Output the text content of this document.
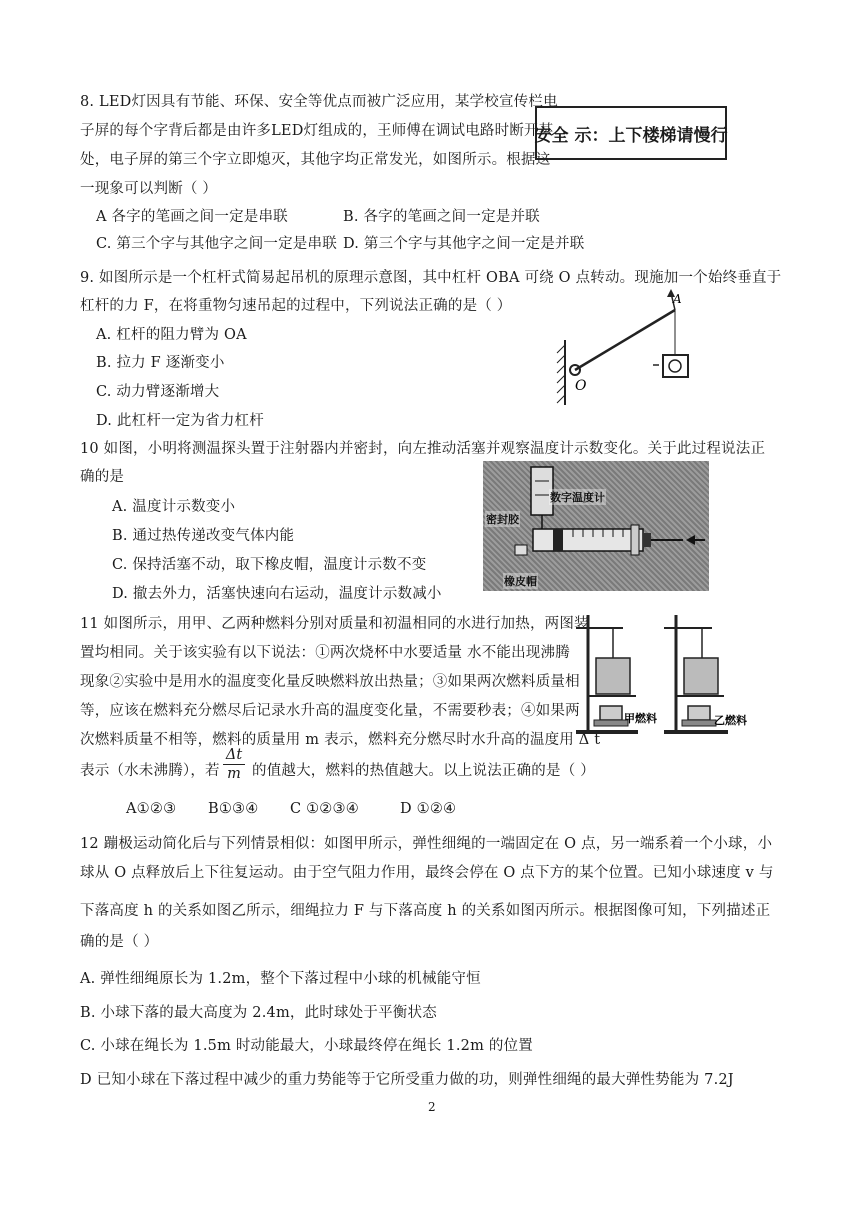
8. LED灯因具有节能、环保、安全等优点而被广泛应用，某学校宣传栏电
子屏的每个字背后都是由许多LED灯组成的，王师傅在调试电路时断开某
处，电子屏的第三个字立即熄灭，其他字均正常发光，如图所示。根据这
一现象可以判断（ ）
安全 示：上下楼梯请慢行
A 各字的笔画之间一定是串联	B. 各字的笔画之间一定是并联
C. 第三个字与其他字之间一定是串联 D. 第三个字与其他字之间一定是并联
9. 如图所示是一个杠杆式简易起吊机的原理示意图，其中杠杆 OBA 可绕 O 点转动。现施加一个始终垂直于
杠杆的力 F，在将重物匀速吊起的过程中，下列说法正确的是（ ）
A. 杠杆的阻力臂为 OA
B. 拉力 F 逐渐变小
C. 动力臂逐渐增大
D. 此杠杆一定为省力杠杆
O
A
10 如图，小明将测温探头置于注射器内并密封，向左推动活塞并观察温度计示数变化。关于此过程说法正
确的是
A. 温度计示数变小
B. 通过热传递改变气体内能
C. 保持活塞不动，取下橡皮帽，温度计示数不变
D. 撤去外力，活塞快速向右运动，温度计示数减小
数字温度计
密封胶
橡皮帽
11 如图所示，用甲、乙两种燃料分别对质量和初温相同的水进行加热，两图装
置均相同。关于该实验有以下说法：①两次烧杯中水要适量 水不能出现沸腾
现象②实验中是用水的温度变化量反映燃料放出热量；③如果两次燃料质量相
等，应该在燃料充分燃尽后记录水升高的温度变化量，不需要秒表；④如果两
次燃料质量不相等，燃料的质量用 m 表示，燃料充分燃尽时水升高的温度用 Δ t
表示（水未沸腾），若
Δt
m 的值越大，燃料的热值越大。以上说法正确的是（ ）
A①②③ B①③④ C ①②③④	D ①②④
甲燃料	乙燃料
12 蹦极运动简化后与下列情景相似：如图甲所示，弹性细绳的一端固定在 O 点，另一端系着一个小球，小
球从 O 点释放后上下往复运动。由于空气阻力作用，最终会停在 O 点下方的某个位置。已知小球速度 v 与
下落高度 h 的关系如图乙所示，细绳拉力 F 与下落高度 h 的关系如图丙所示。根据图像可知，下列描述正
确的是（ ）
A. 弹性细绳原长为 1.2m，整个下落过程中小球的机械能守恒
B. 小球下落的最大高度为 2.4m，此时球处于平衡状态
C. 小球在绳长为 1.5m 时动能最大，小球最终停在绳长 1.2m 的位置
D 已知小球在下落过程中减少的重力势能等于它所受重力做的功，则弹性细绳的最大弹性势能为 7.2J
2
